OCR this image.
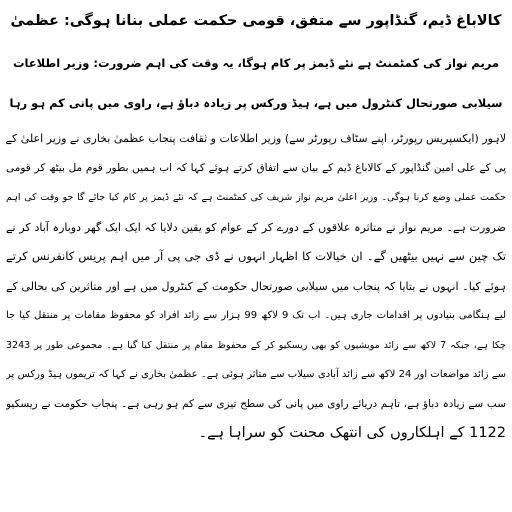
کالاباغ ڈیم، گنڈاپور سے متفق، قومی حکمت عملی بنانا ہوگی: عظمیٰ
مریم نواز کی کمٹمنٹ ہے نئے ڈیمز پر کام ہوگا، یہ وقت کی اہم ضرورت: وزیر اطلاعات
سیلابی صورتحال کنٹرول میں ہے، ہیڈ ورکس پر زیادہ دباؤ ہے، راوی میں پانی کم ہو رہا
لاہور (ایکسپریس رپورٹر، اپنے سٹاف رپورٹر سے) وزیر اطلاعات و ثقافت پنجاب عظمیٰ بخاری نے وزیر اعلیٰ کے
پی کے علی امین گنڈاپور کے کالاباغ ڈیم کے بیان سے اتفاق کرتے ہوئے کہا کہ اب ہمیں بطور قوم مل بیٹھ کر قومی
حکمت عملی وضع کرنا ہوگی۔ وزیر اعلیٰ مریم نواز شریف کی کمٹمنٹ ہے کہ نئے ڈیمز پر کام کیا جائے گا جو وقت کی اہم
ضرورت ہے۔ مریم نواز نے متاثرہ علاقوں کے دورے کر کے عوام کو یقین دلایا کہ ایک ایک گھر دوبارہ آباد کر نے
تک چین سے نہیں بیٹھیں گے۔ ان خیالات کا اظہار انہوں نے ڈی جی پی آر میں اہم پریس کانفرنس کرتے
ہوئے کیا۔ انہوں نے بتایا کہ پنجاب میں سیلابی صورتحال حکومت کے کنٹرول میں ہے اور متاثرین کی بحالی کے
لیے ہنگامی بنیادوں پر اقدامات جاری ہیں۔ اب تک 9 لاکھ 99 ہزار سے زائد افراد کو محفوظ مقامات پر منتقل کیا جا
چکا ہے، جبکہ 7 لاکھ سے زائد مویشیوں کو بھی ریسکیو کر کے محفوظ مقام پر منتقل کیا گیا ہے۔ مجموعی طور پر 3243
سے زائد مواضعات اور 24 لاکھ سے زائد آبادی سیلاب سے متاثر ہوئی ہے۔ عظمیٰ بخاری نے کہا کہ تریموں ہیڈ ورکس پر
سب سے زیادہ دباؤ ہے، تاہم دریائے راوی میں پانی کی سطح تیزی سے کم ہو رہی ہے۔ پنجاب حکومت نے ریسکیو
1122 کے اہلکاروں کی انتھک محنت کو سراہا ہے۔
